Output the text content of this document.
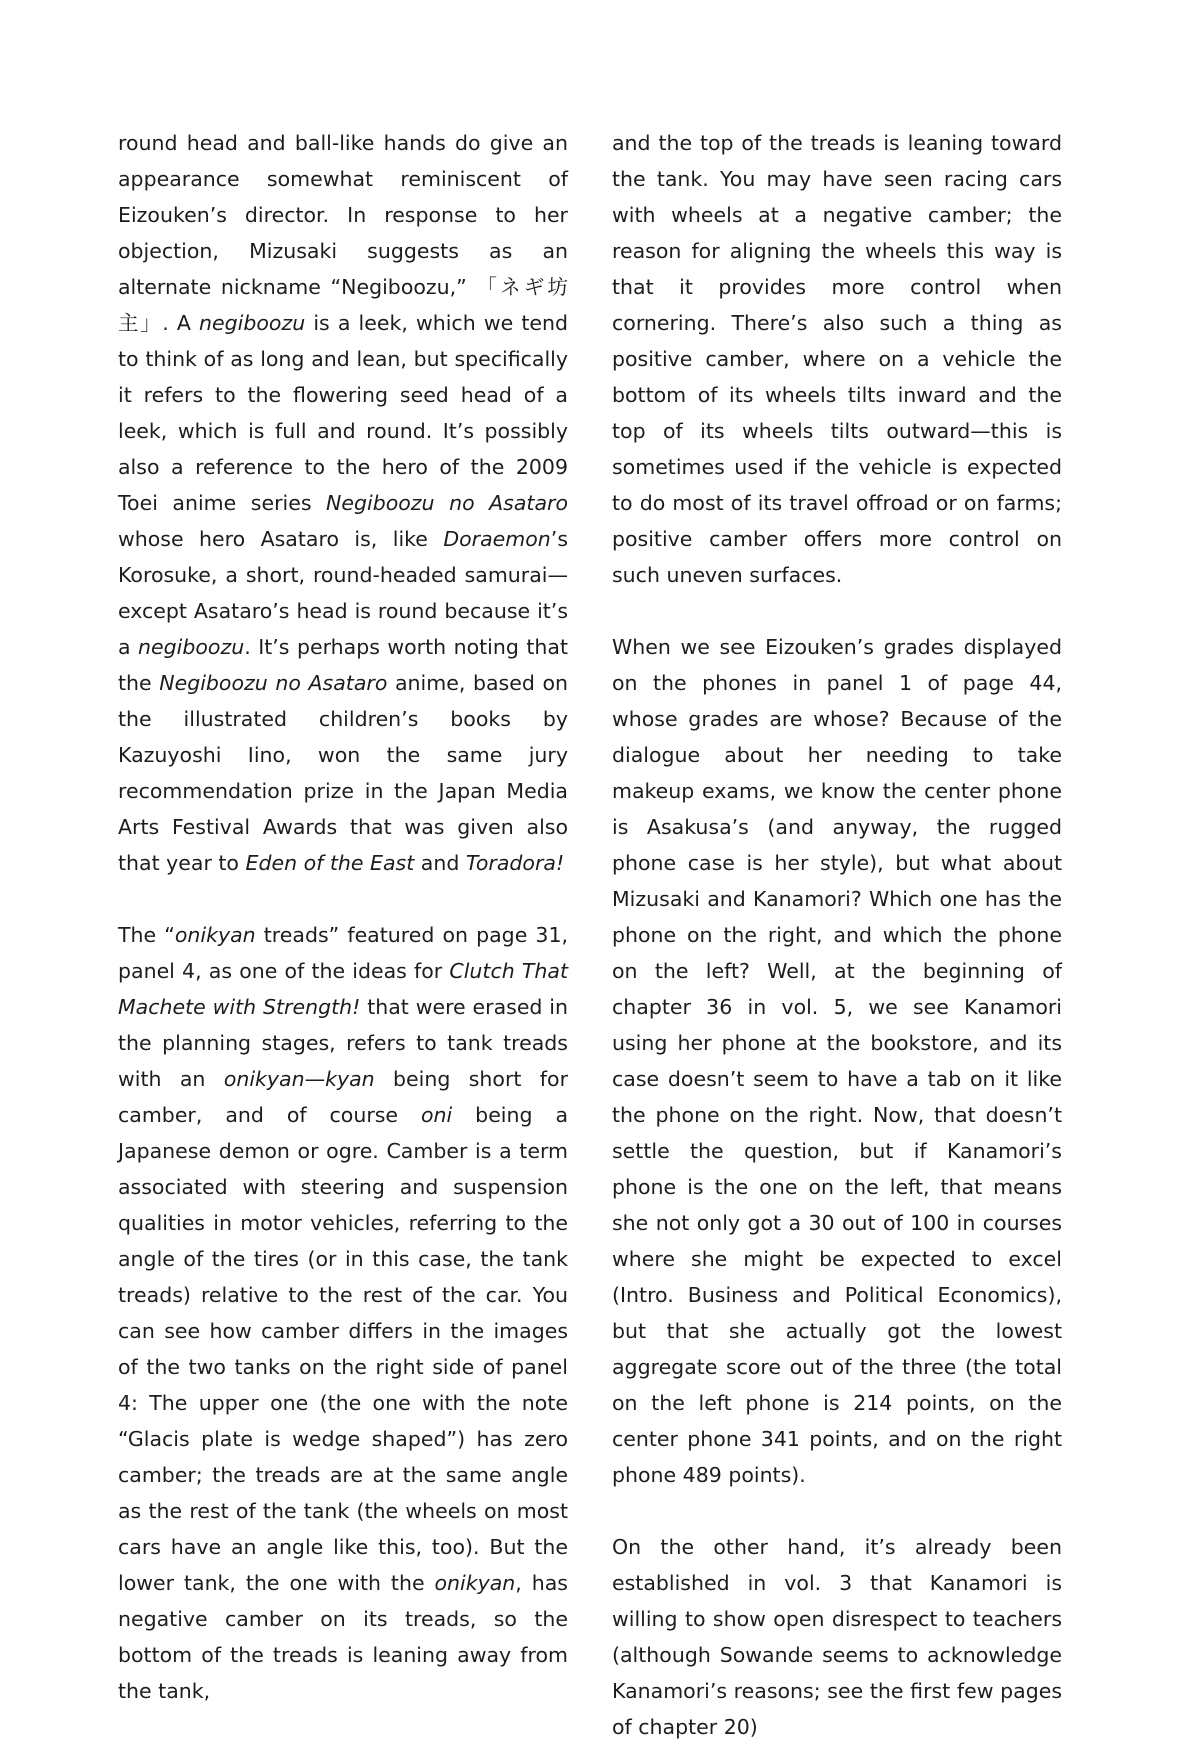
round head and ball-like hands do give an appearance somewhat reminiscent of Eizouken’s director. In response to her objection, Mizusaki suggests as an alternate nickname “Negiboozu,” 「ネギ坊主」. A negiboozu is a leek, which we tend to think of as long and lean, but specifically it refers to the flowering seed head of a leek, which is full and round. It’s possibly also a reference to the hero of the 2009 Toei anime series Negiboozu no Asataro whose hero Asataro is, like Doraemon’s Korosuke, a short, round-headed samurai—except Asataro’s head is round because it’s a negiboozu. It’s perhaps worth noting that the Negiboozu no Asataro anime, based on the illustrated children’s books by Kazuyoshi Iino, won the same jury recommendation prize in the Japan Media Arts Festival Awards that was given also that year to Eden of the East and Toradora!

The “onikyan treads” featured on page 31, panel 4, as one of the ideas for Clutch That Machete with Strength! that were erased in the planning stages, refers to tank treads with an onikyan—kyan being short for camber, and of course oni being a Japanese demon or ogre. Camber is a term associated with steering and suspension qualities in motor vehicles, referring to the angle of the tires (or in this case, the tank treads) relative to the rest of the car. You can see how camber differs in the images of the two tanks on the right side of panel 4: The upper one (the one with the note “Glacis plate is wedge shaped”) has zero camber; the treads are at the same angle as the rest of the tank (the wheels on most cars have an angle like this, too). But the lower tank, the one with the onikyan, has negative camber on its treads, so the bottom of the treads is leaning away from the tank,

and the top of the treads is leaning toward the tank. You may have seen racing cars with wheels at a negative camber; the reason for aligning the wheels this way is that it provides more control when cornering. There’s also such a thing as positive camber, where on a vehicle the bottom of its wheels tilts inward and the top of its wheels tilts outward—this is sometimes used if the vehicle is expected to do most of its travel offroad or on farms; positive camber offers more control on such uneven surfaces.

When we see Eizouken’s grades displayed on the phones in panel 1 of page 44, whose grades are whose? Because of the dialogue about her needing to take makeup exams, we know the center phone is Asakusa’s (and anyway, the rugged phone case is her style), but what about Mizusaki and Kanamori? Which one has the phone on the right, and which the phone on the left? Well, at the beginning of chapter 36 in vol. 5, we see Kanamori using her phone at the bookstore, and its case doesn’t seem to have a tab on it like the phone on the right. Now, that doesn’t settle the question, but if Kanamori’s phone is the one on the left, that means she not only got a 30 out of 100 in courses where she might be expected to excel (Intro. Business and Political Economics), but that she actually got the lowest aggregate score out of the three (the total on the left phone is 214 points, on the center phone 341 points, and on the right phone 489 points).

On the other hand, it’s already been established in vol. 3 that Kanamori is willing to show open disrespect to teachers (although Sowande seems to acknowledge Kanamori’s reasons; see the first few pages of chapter 20)
